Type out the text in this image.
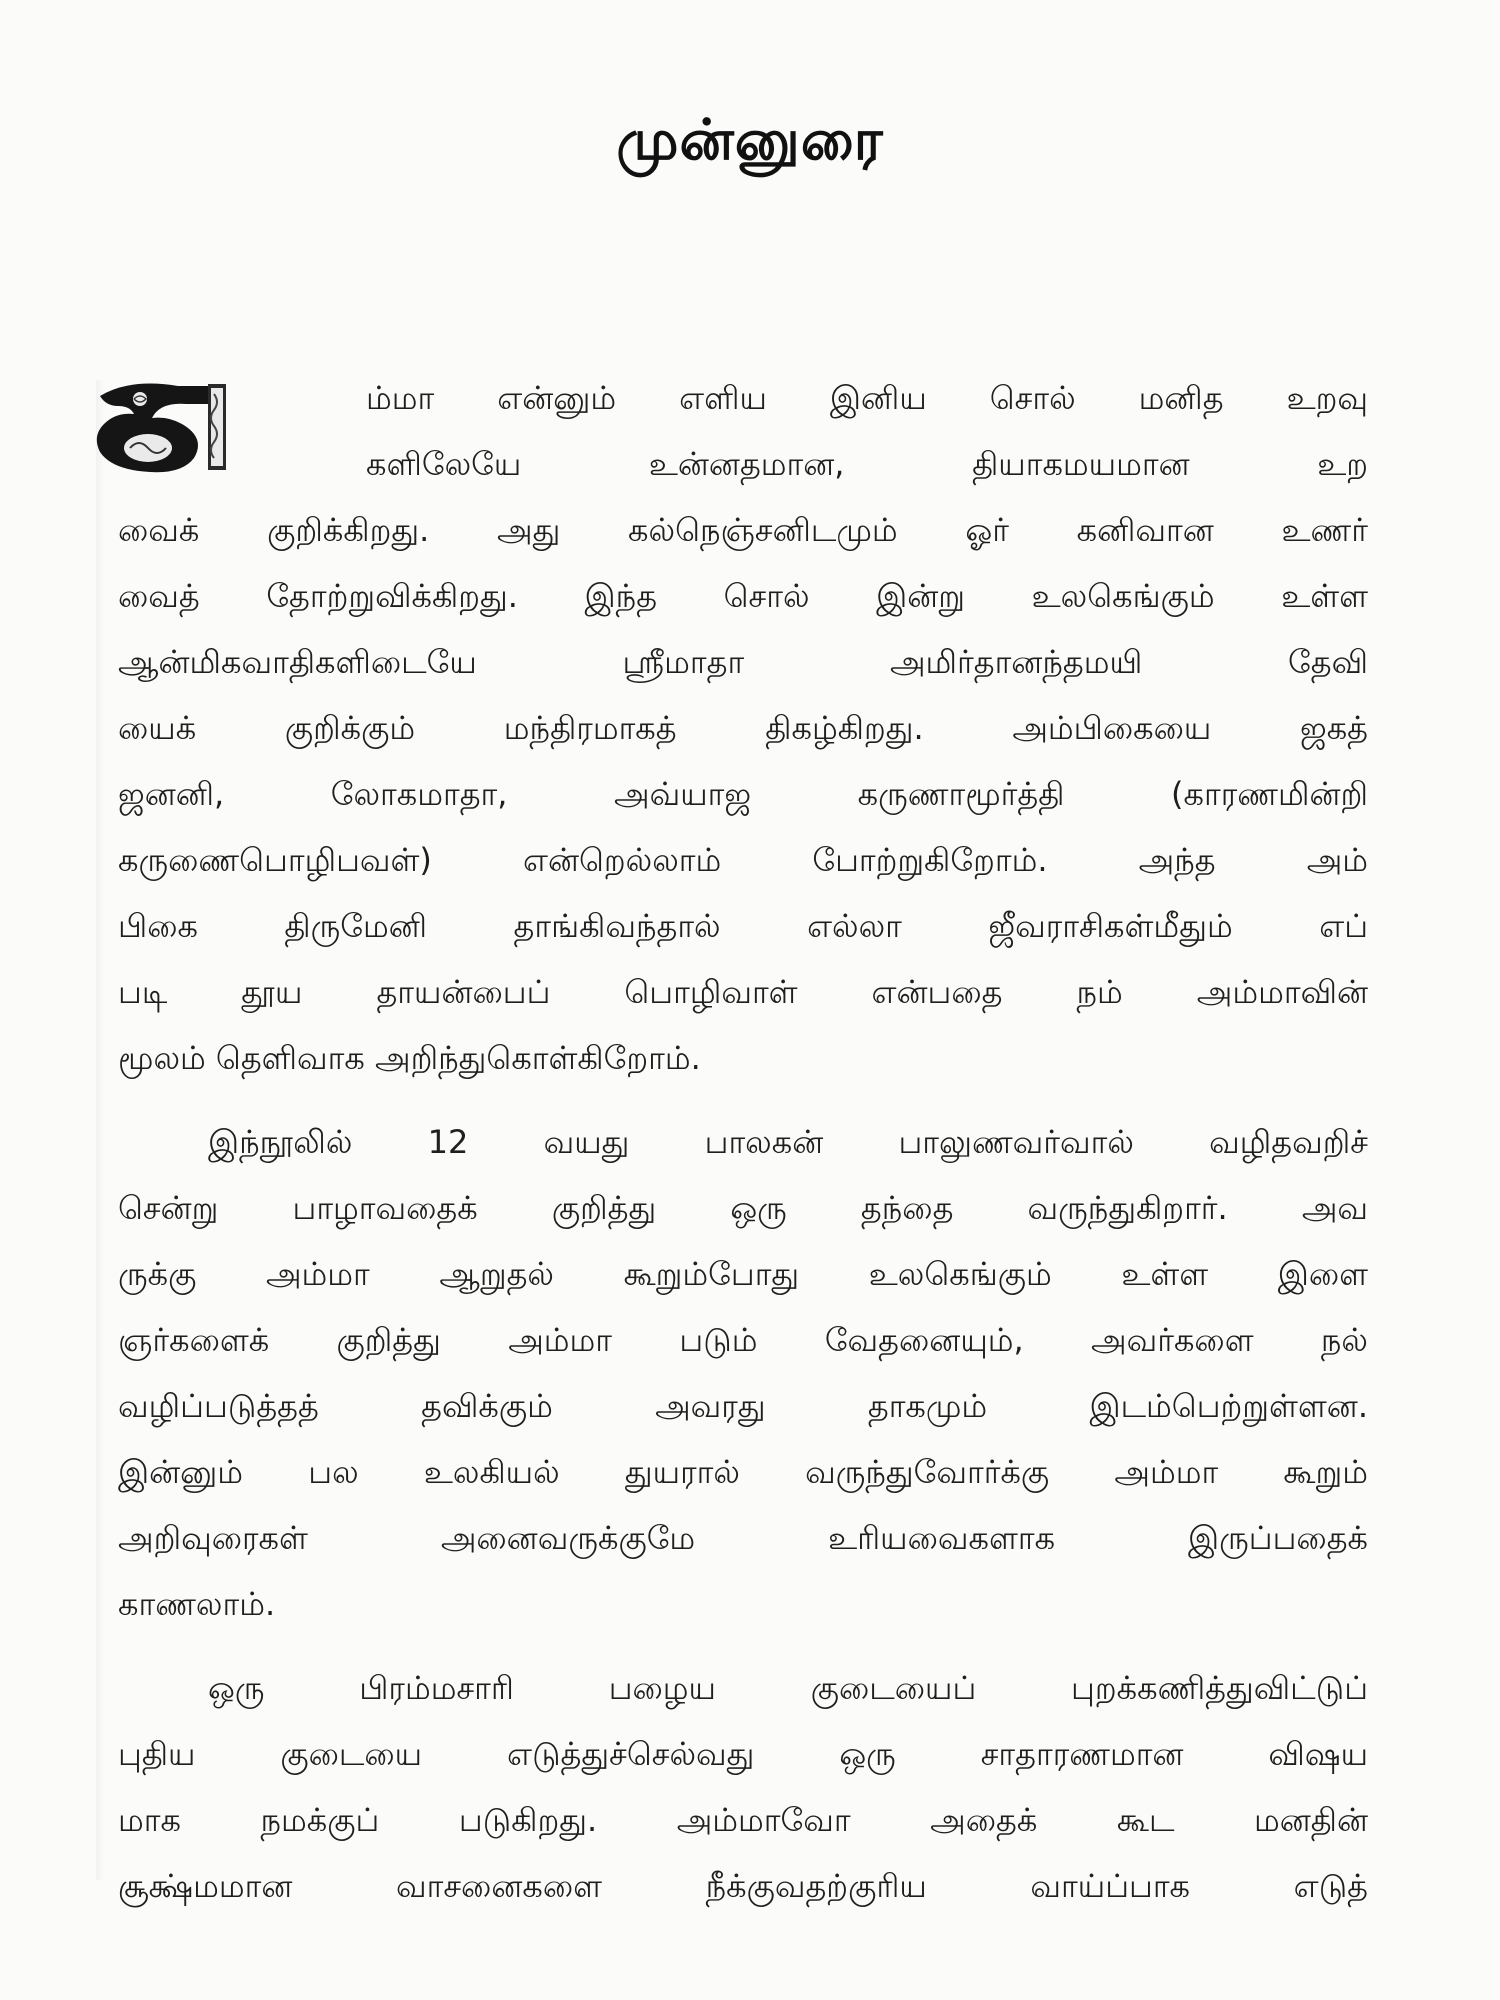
முன்னுரை
ம்மா என்னும் எளிய இனிய சொல் மனித உறவு
களிலேயே உன்னதமான, தியாகமயமான உற
வைக் குறிக்கிறது. அது கல்நெஞ்சனிடமும் ஓர் கனிவான உணர்
வைத் தோற்றுவிக்கிறது. இந்த சொல் இன்று உலகெங்கும் உள்ள
ஆன்மிகவாதிகளிடையே ஸ்ரீமாதா அமிர்தானந்தமயி தேவி
யைக் குறிக்கும் மந்திரமாகத் திகழ்கிறது. அம்பிகையை ஜகத்
ஜனனி, லோகமாதா, அவ்யாஜ கருணாமூர்த்தி (காரணமின்றி
கருணைபொழிபவள்) என்றெல்லாம் போற்றுகிறோம். அந்த அம்
பிகை திருமேனி தாங்கிவந்தால் எல்லா ஜீவராசிகள்மீதும் எப்
படி தூய தாயன்பைப் பொழிவாள் என்பதை நம் அம்மாவின்
மூலம் தெளிவாக அறிந்துகொள்கிறோம்.
இந்நூலில் 12 வயது பாலகன் பாலுணவர்வால் வழிதவறிச்
சென்று பாழாவதைக் குறித்து ஒரு தந்தை வருந்துகிறார். அவ
ருக்கு அம்மா ஆறுதல் கூறும்போது உலகெங்கும் உள்ள இளை
ஞர்களைக் குறித்து அம்மா படும் வேதனையும், அவர்களை நல்
வழிப்படுத்தத் தவிக்கும் அவரது தாகமும் இடம்பெற்றுள்ளன.
இன்னும் பல உலகியல் துயரால் வருந்துவோர்க்கு அம்மா கூறும்
அறிவுரைகள் அனைவருக்குமே உரியவைகளாக இருப்பதைக்
காணலாம்.
ஒரு பிரம்மசாரி பழைய குடையைப் புறக்கணித்துவிட்டுப்
புதிய குடையை எடுத்துச்செல்வது ஒரு சாதாரணமான விஷய
மாக நமக்குப் படுகிறது. அம்மாவோ அதைக் கூட மனதின்
சூக்ஷ்மமான வாசனைகளை நீக்குவதற்குரிய வாய்ப்பாக எடுத்
